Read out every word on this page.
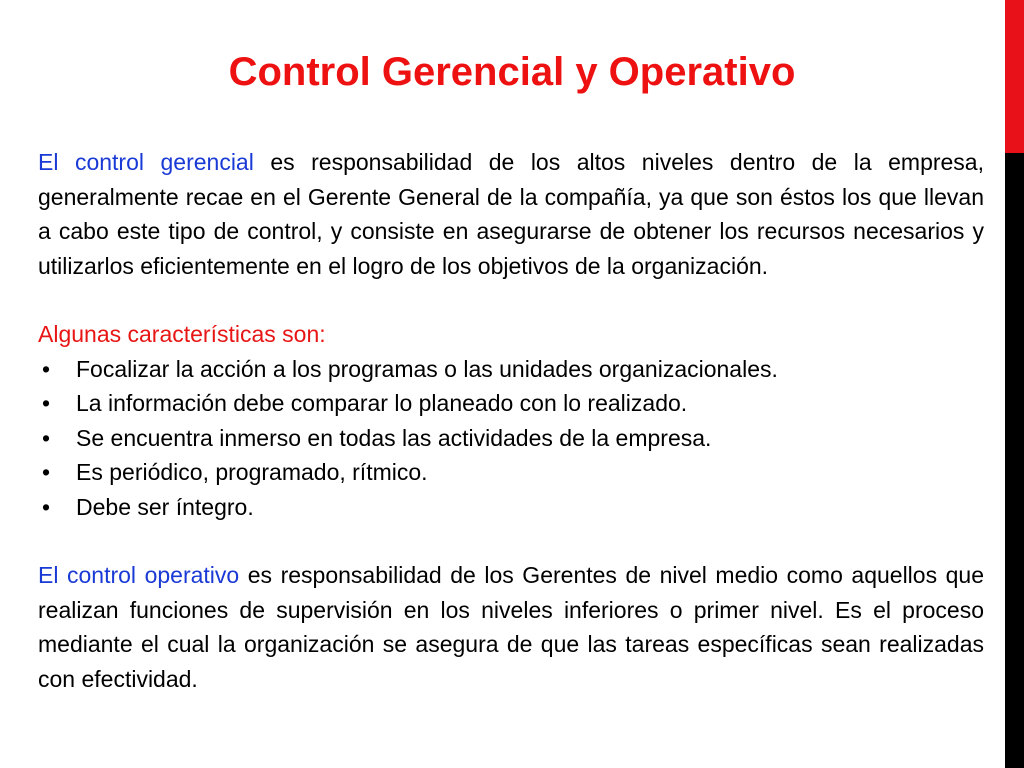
Control Gerencial y Operativo

El control gerencial es responsabilidad de los altos niveles dentro de la empresa, generalmente recae en el Gerente General de la compañía, ya que son éstos los que llevan a cabo este tipo de control, y consiste en asegurarse de obtener los recursos necesarios y utilizarlos eficientemente en el logro de los objetivos de la organización.

Algunas características son:

• Focalizar la acción a los programas o las unidades organizacionales.
• La información debe comparar lo planeado con lo realizado.
• Se encuentra inmerso en todas las actividades de la empresa.
• Es periódico, programado, rítmico.
• Debe ser íntegro.

El control operativo es responsabilidad de los Gerentes de nivel medio como aquellos que realizan funciones de supervisión en los niveles inferiores o primer nivel. Es el proceso mediante el cual la organización se asegura de que las tareas específicas sean realizadas con efectividad.
